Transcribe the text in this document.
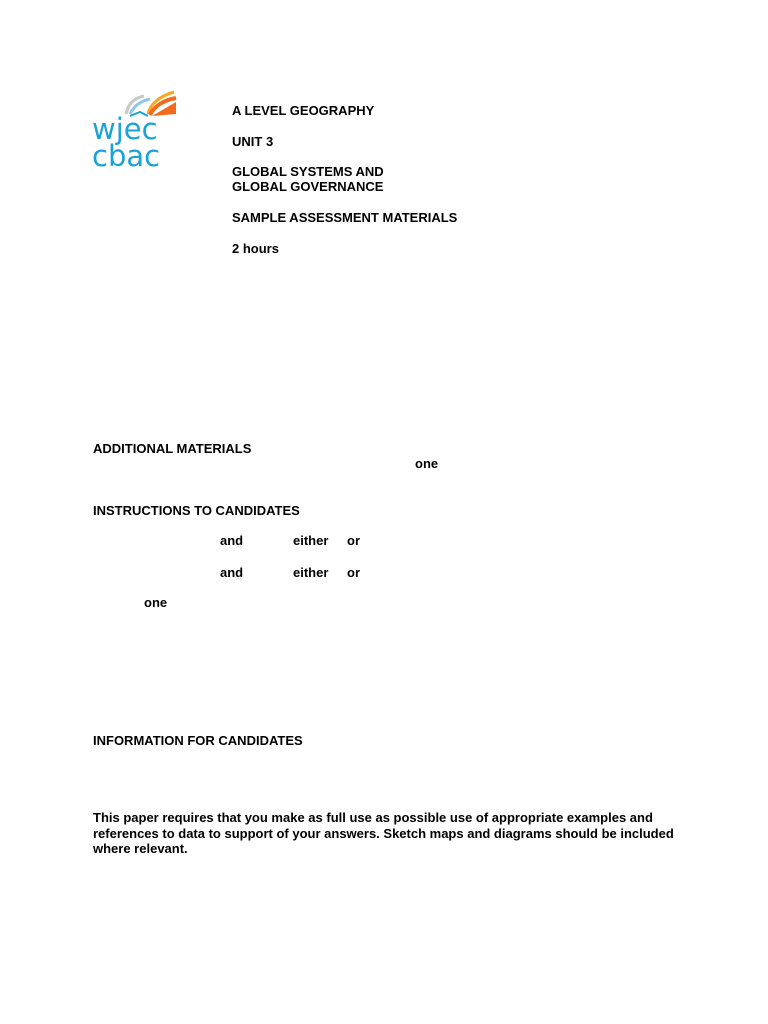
wjec
cbac

A LEVEL GEOGRAPHY

UNIT 3

GLOBAL SYSTEMS AND

GLOBAL GOVERNANCE

SAMPLE ASSESSMENT MATERIALS

2 hours

ADDITIONAL MATERIALS

one

INSTRUCTIONS TO CANDIDATES

and	either or

and	either or

one

INFORMATION FOR CANDIDATES

This paper requires that you make as full use as possible use of appropriate examples and references to data to support of your answers. Sketch maps and diagrams should be included where relevant.
